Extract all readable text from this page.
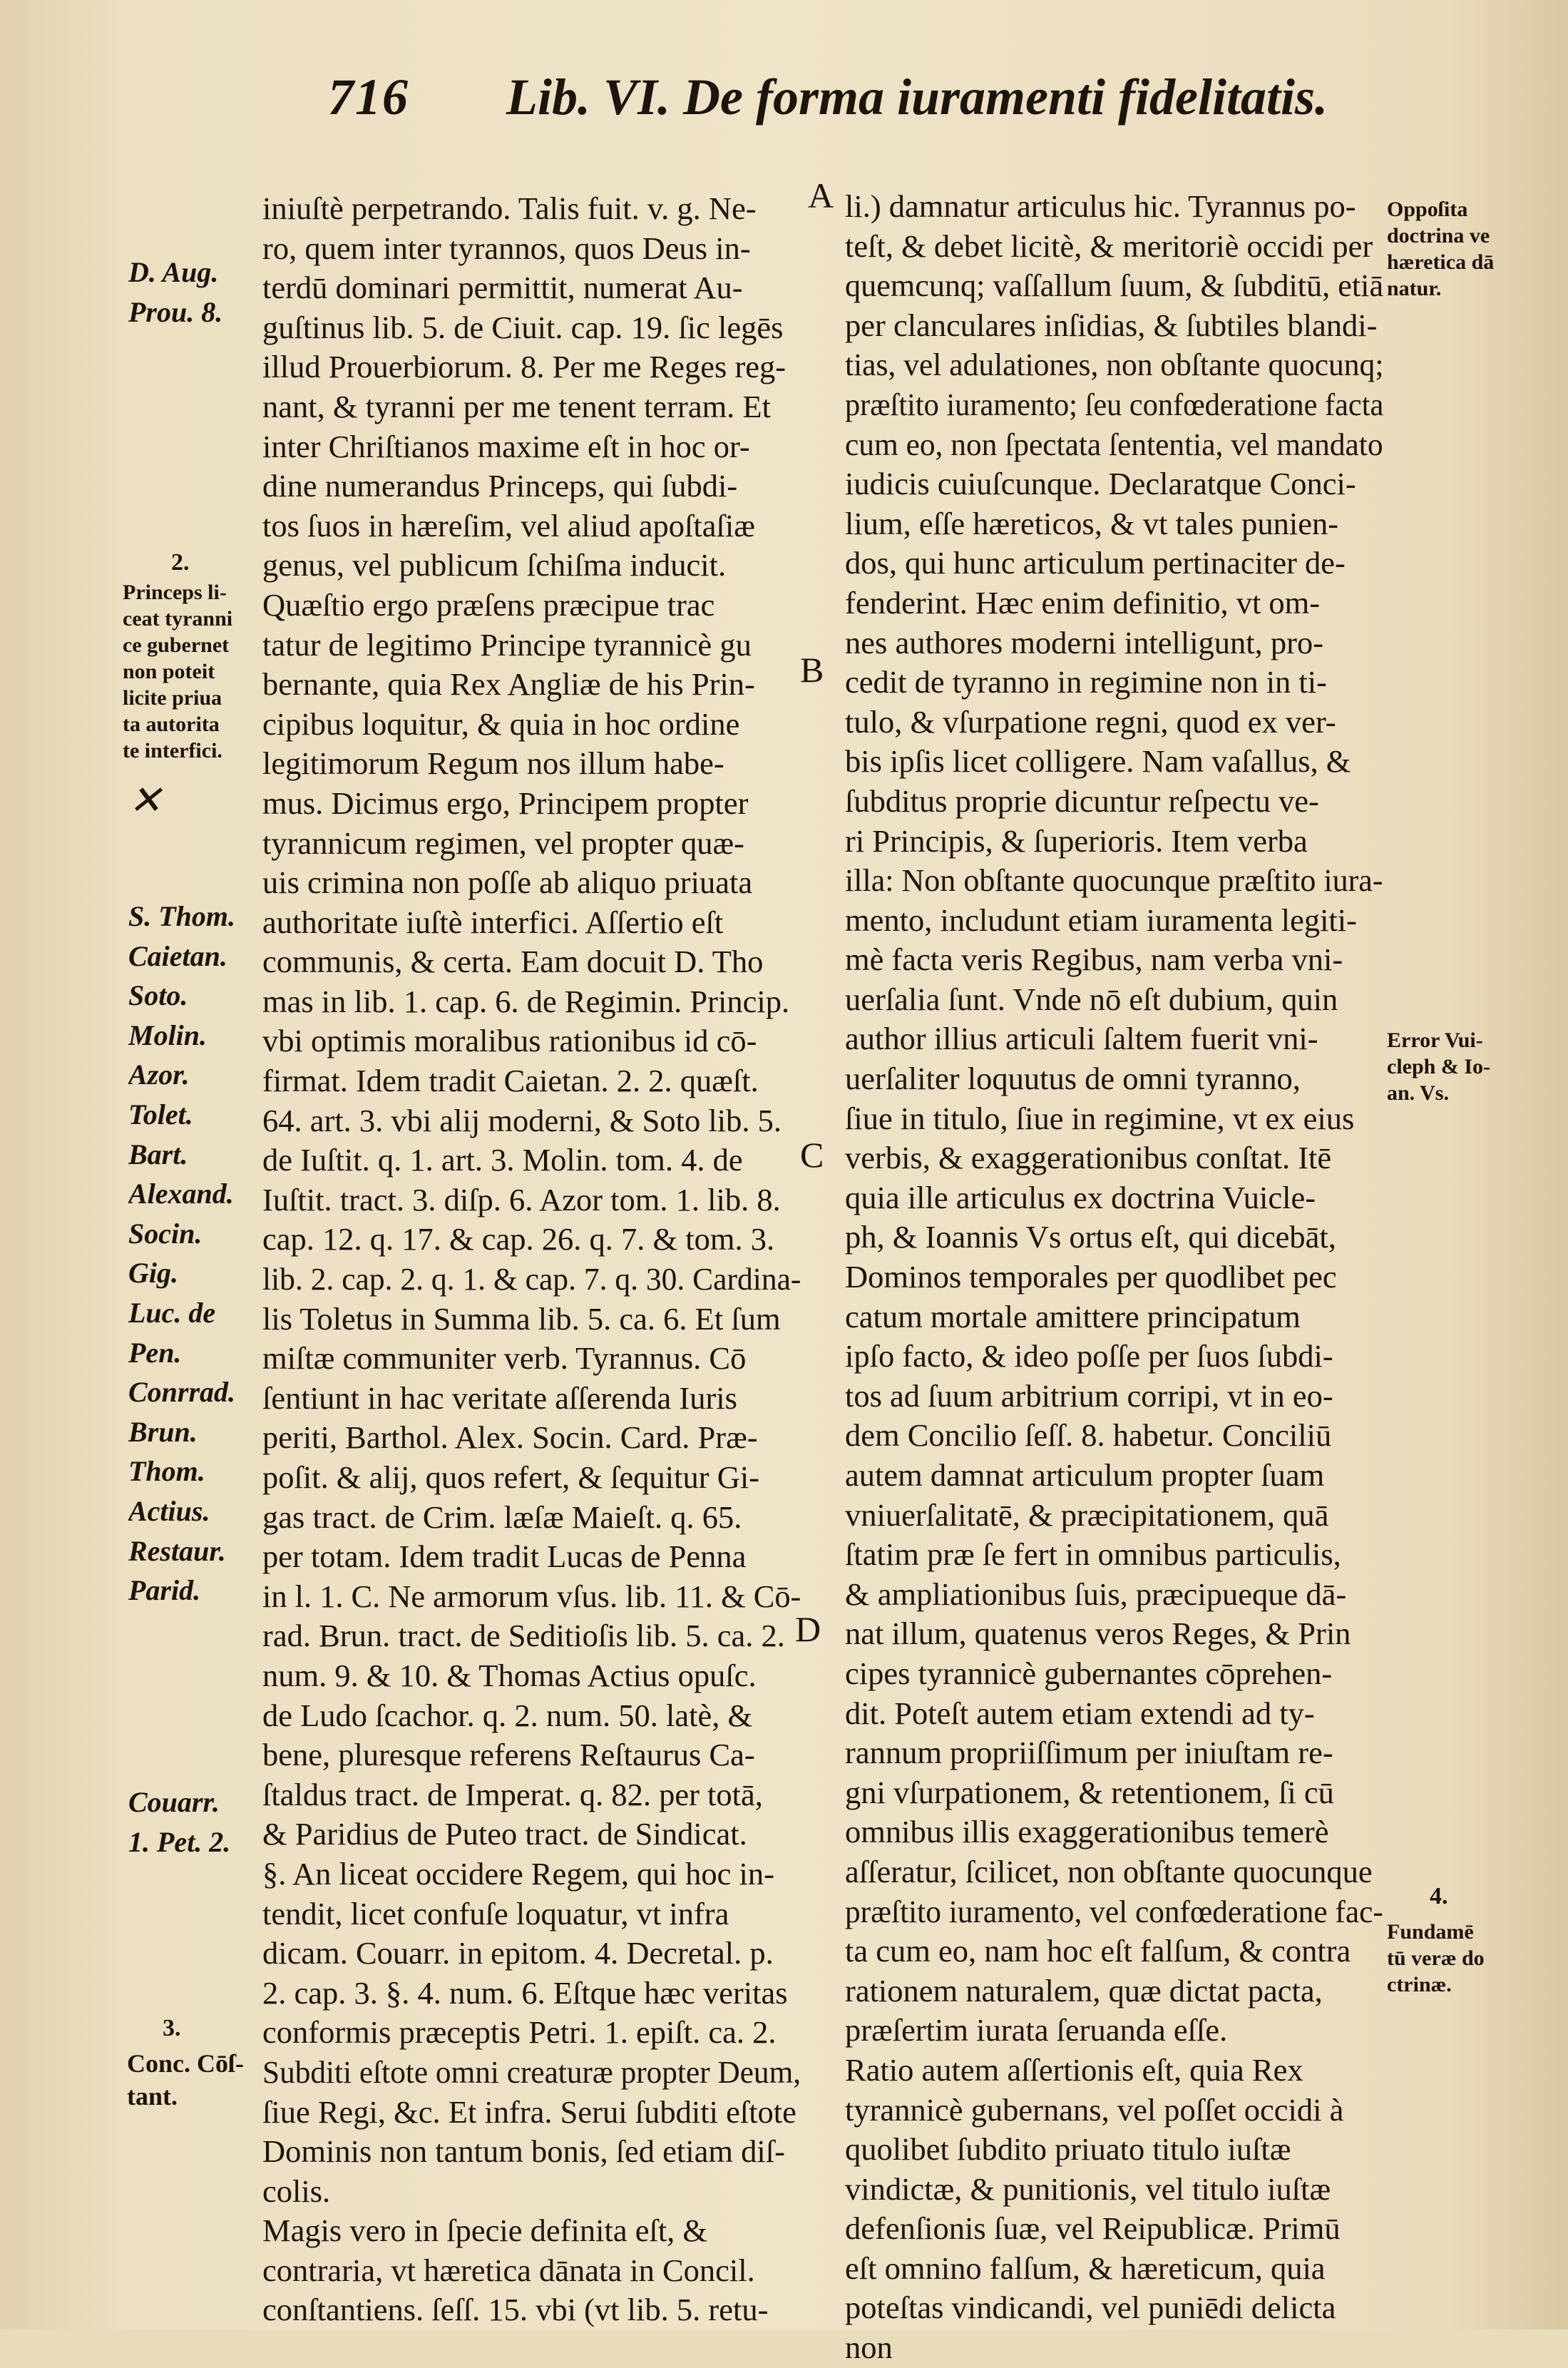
716 Lib. VI. De forma iuramenti fidelitatis.
D. Aug.
Prou. 8.
2.
Princeps li-
ceat tyranni
ce gubernet
non poteit
licite priua
ta autorita
te interfici.
✕
S. Thom.
Caietan.
Soto.
Molin.
Azor.
Tolet.
Bart.
Alexand.
Socin.
Gig.
Luc. de
Pen.
Conrrad.
Brun.
Thom.
Actius.
Restaur.
Parid.
Couarr.
1. Pet. 2.
3.
Conc. Cōſ-
tant.
iniuſtè perpetrando. Talis fuit. v. g. Ne-
ro, quem inter tyrannos, quos Deus in-
terdū dominari permittit, numerat Au-
guſtinus lib. 5. de Ciuit. cap. 19. ſic legēs
illud Prouerbiorum. 8. Per me Reges reg-
nant, & tyranni per me tenent terram. Et
inter Chriſtianos maxime eſt in hoc or-
dine numerandus Princeps, qui ſubdi-
tos ſuos in hæreſim, vel aliud apoſtaſiæ
genus, vel publicum ſchiſma inducit.
Quæſtio ergo præſens præcipue trac
tatur de legitimo Principe tyrannicè gu
bernante, quia Rex Angliæ de his Prin-
cipibus loquitur, & quia in hoc ordine
legitimorum Regum nos illum habe-
mus. Dicimus ergo, Principem propter
tyrannicum regimen, vel propter quæ-
uis crimina non poſſe ab aliquo priuata
authoritate iuſtè interfici. Aſſertio eſt
communis, & certa. Eam docuit D. Tho
mas in lib. 1. cap. 6. de Regimin. Princip.
vbi optimis moralibus rationibus id cō-
firmat. Idem tradit Caietan. 2. 2. quæſt.
64. art. 3. vbi alij moderni, & Soto lib. 5.
de Iuſtit. q. 1. art. 3. Molin. tom. 4. de
Iuſtit. tract. 3. diſp. 6. Azor tom. 1. lib. 8.
cap. 12. q. 17. & cap. 26. q. 7. & tom. 3.
lib. 2. cap. 2. q. 1. & cap. 7. q. 30. Cardina-
lis Toletus in Summa lib. 5. ca. 6. Et ſum
miſtæ communiter verb. Tyrannus. Cō
ſentiunt in hac veritate aſſerenda Iuris
periti, Barthol. Alex. Socin. Card. Præ-
poſit. & alij, quos refert, & ſequitur Gi-
gas tract. de Crim. læſæ Maieſt. q. 65.
per totam. Idem tradit Lucas de Penna
in l. 1. C. Ne armorum vſus. lib. 11. & Cō-
rad. Brun. tract. de Seditioſis lib. 5. ca. 2.
num. 9. & 10. & Thomas Actius opuſc.
de Ludo ſcachor. q. 2. num. 50. latè, &
bene, pluresque referens Reſtaurus Ca-
ſtaldus tract. de Imperat. q. 82. per totā,
& Paridius de Puteo tract. de Sindicat.
§. An liceat occidere Regem, qui hoc in-
tendit, licet confuſe loquatur, vt infra
dicam. Couarr. in epitom. 4. Decretal. p.
2. cap. 3. §. 4. num. 6. Eſtque hæc veritas
conformis præceptis Petri. 1. epiſt. ca. 2.
Subditi eſtote omni creaturæ propter Deum,
ſiue Regi, &c. Et infra. Serui ſubditi eſtote
Dominis non tantum bonis, ſed etiam diſ-
colis.
Magis vero in ſpecie definita eſt, &
contraria, vt hæretica dānata in Concil.
conſtantiens. ſeſſ. 15. vbi (vt lib. 5. retu-
A
B
C
D
li.) damnatur articulus hic. Tyrannus po-
teſt, & debet licitè, & meritoriè occidi per
quemcunq; vaſſallum ſuum, & ſubditū, etiā
per clanculares inſidias, & ſubtiles blandi-
tias, vel adulationes, non obſtante quocunq;
præſtito iuramento; ſeu confœderatione facta
cum eo, non ſpectata ſententia, vel mandato
iudicis cuiuſcunque. Declaratque Conci-
lium, eſſe hæreticos, & vt tales punien-
dos, qui hunc articulum pertinaciter de-
fenderint. Hæc enim definitio, vt om-
nes authores moderni intelligunt, pro-
cedit de tyranno in regimine non in ti-
tulo, & vſurpatione regni, quod ex ver-
bis ipſis licet colligere. Nam vaſallus, &
ſubditus proprie dicuntur reſpectu ve-
ri Principis, & ſuperioris. Item verba
illa: Non obſtante quocunque præſtito iura-
mento, includunt etiam iuramenta legiti-
mè facta veris Regibus, nam verba vni-
uerſalia ſunt. Vnde nō eſt dubium, quin
author illius articuli ſaltem fuerit vni-
uerſaliter loquutus de omni tyranno,
ſiue in titulo, ſiue in regimine, vt ex eius
verbis, & exaggerationibus conſtat. Itē
quia ille articulus ex doctrina Vuicle-
ph, & Ioannis Vs ortus eſt, qui dicebāt,
Dominos temporales per quodlibet pec
catum mortale amittere principatum
ipſo facto, & ideo poſſe per ſuos ſubdi-
tos ad ſuum arbitrium corripi, vt in eo-
dem Concilio ſeſſ. 8. habetur. Conciliū
autem damnat articulum propter ſuam
vniuerſalitatē, & præcipitationem, quā
ſtatim præ ſe fert in omnibus particulis,
& ampliationibus ſuis, præcipueque dā-
nat illum, quatenus veros Reges, & Prin
cipes tyrannicè gubernantes cōprehen-
dit. Poteſt autem etiam extendi ad ty-
rannum propriiſſimum per iniuſtam re-
gni vſurpationem, & retentionem, ſi cū
omnibus illis exaggerationibus temerè
aſſeratur, ſcilicet, non obſtante quocunque
præſtito iuramento, vel confœderatione fac-
ta cum eo, nam hoc eſt falſum, & contra
rationem naturalem, quæ dictat pacta,
præſertim iurata ſeruanda eſſe.
Ratio autem aſſertionis eſt, quia Rex
tyrannicè gubernans, vel poſſet occidi à
quolibet ſubdito priuato titulo iuſtæ
vindictæ, & punitionis, vel titulo iuſtæ
defenſionis ſuæ, vel Reipublicæ. Primū
eſt omnino falſum, & hæreticum, quia
poteſtas vindicandi, vel puniēdi delicta
non
Oppoſita
doctrina ve
hæretica dā
natur.
Error Vui-
cleph & Io-
an. Vs.
4.
Fundamē
tū veræ do
ctrinæ.
